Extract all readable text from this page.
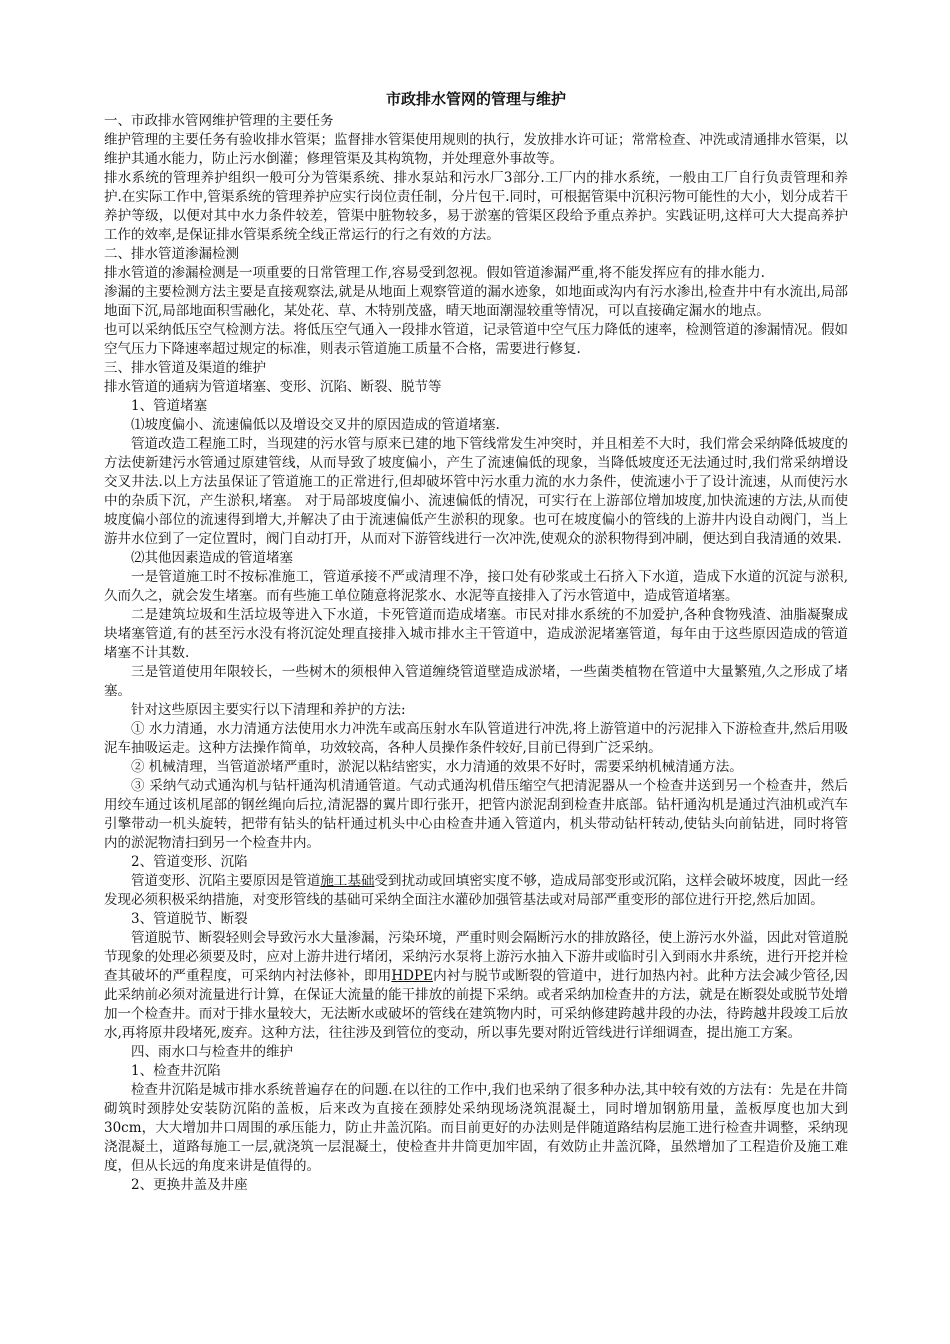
市政排水管网的管理与维护

一、市政排水管网维护管理的主要任务

维护管理的主要任务有验收排水管渠；监督排水管渠使用规则的执行，发放排水许可证；常常检查、冲洗或清通排水管渠，以维护其通水能力，防止污水倒灌；修理管渠及其构筑物，并处理意外事故等。

排水系统的管理养护组织一般可分为管渠系统、排水泵站和污水厂3部分.工厂内的排水系统，一般由工厂自行负责管理和养护.在实际工作中,管渠系统的管理养护应实行岗位责任制，分片包干.同时，可根据管渠中沉积污物可能性的大小，划分成若干养护等级，以便对其中水力条件较差，管渠中脏物较多，易于淤塞的管渠区段给予重点养护。实践证明,这样可大大提高养护工作的效率,是保证排水管渠系统全线正常运行的行之有效的方法。

二、排水管道渗漏检测

排水管道的渗漏检测是一项重要的日常管理工作,容易受到忽视。假如管道渗漏严重,将不能发挥应有的排水能力.

渗漏的主要检测方法主要是直接观察法,就是从地面上观察管道的漏水迹象，如地面或沟内有污水渗出,检查井中有水流出,局部地面下沉,局部地面积雪融化，某处花、草、木特别茂盛，晴天地面潮湿较重等情况，可以直接确定漏水的地点。

也可以采纳低压空气检测方法。将低压空气通入一段排水管道，记录管道中空气压力降低的速率，检测管道的渗漏情况。假如空气压力下降速率超过规定的标准，则表示管道施工质量不合格，需要进行修复.

三、排水管道及渠道的维护

排水管道的通病为管道堵塞、变形、沉陷、断裂、脱节等

1、管道堵塞

⑴坡度偏小、流速偏低以及增设交叉井的原因造成的管道堵塞.

管道改造工程施工时，当现建的污水管与原来已建的地下管线常发生冲突时，并且相差不大时，我们常会采纳降低坡度的方法使新建污水管通过原建管线，从而导致了坡度偏小，产生了流速偏低的现象，当降低坡度还无法通过时,我们常采纳增设交叉井法.以上方法虽保证了管道施工的正常进行,但却破坏管中污水重力流的水力条件，使流速小于了设计流速，从而使污水中的杂质下沉，产生淤积,堵塞。 对于局部坡度偏小、流速偏低的情况，可实行在上游部位增加坡度,加快流速的方法,从而使坡度偏小部位的流速得到增大,并解决了由于流速偏低产生淤积的现象。也可在坡度偏小的管线的上游井内设自动阀门，当上游井水位到了一定位置时，阀门自动打开，从而对下游管线进行一次冲洗,使观众的淤积物得到冲刷，便达到自我清通的效果.

⑵其他因素造成的管道堵塞

一是管道施工时不按标准施工，管道承接不严或清理不净，接口处有砂浆或土石挤入下水道，造成下水道的沉淀与淤积,久而久之，就会发生堵塞。而有些施工单位随意将泥浆水、水泥等直接排入了污水管道中，造成管道堵塞。

二是建筑垃圾和生活垃圾等进入下水道，卡死管道而造成堵塞。市民对排水系统的不加爱护,各种食物残渣、油脂凝聚成块堵塞管道,有的甚至污水没有将沉淀处理直接排入城市排水主干管道中，造成淤泥堵塞管道，每年由于这些原因造成的管道堵塞不计其数.

三是管道使用年限较长，一些树木的须根伸入管道缠绕管道壁造成淤堵，一些菌类植物在管道中大量繁殖,久之形成了堵塞。

针对这些原因主要实行以下清理和养护的方法:

① 水力清通，水力清通方法使用水力冲洗车或高压射水车队管道进行冲洗,将上游管道中的污泥排入下游检查井,然后用吸泥车抽吸运走。这种方法操作简单，功效较高，各种人员操作条件较好,目前已得到广泛采纳。

② 机械清理，当管道淤堵严重时，淤泥以粘结密实，水力清通的效果不好时，需要采纳机械清通方法。

③ 采纳气动式通沟机与钻杆通沟机清通管道。气动式通沟机借压缩空气把清泥器从一个检查井送到另一个检查井，然后用绞车通过该机尾部的钢丝绳向后拉,清泥器的翼片即行张开，把管内淤泥刮到检查井底部。钻杆通沟机是通过汽油机或汽车引擎带动一机头旋转，把带有钻头的钻杆通过机头中心由检查井通入管道内，机头带动钻杆转动,使钻头向前钻进，同时将管内的淤泥物清扫到另一个检查井内。

2、管道变形、沉陷

管道变形、沉陷主要原因是管道施工基础受到扰动或回填密实度不够，造成局部变形或沉陷，这样会破坏坡度，因此一经发现必须积极采纳措施，对变形管线的基础可采纳全面注水灌砂加强管基法或对局部严重变形的部位进行开挖,然后加固。

3、管道脱节、断裂

管道脱节、断裂轻则会导致污水大量渗漏，污染环境，严重时则会隔断污水的排放路径，使上游污水外溢，因此对管道脱节现象的处理必须要及时，应对上游井进行堵闭，采纳污水泵将上游污水抽入下游井或临时引入到雨水井系统，进行开挖并检查其破坏的严重程度，可采纳内衬法修补，即用HDPE内衬与脱节或断裂的管道中，进行加热内衬。此种方法会减少管径,因此采纳前必须对流量进行计算，在保证大流量的能干排放的前提下采纳。或者采纳加检查井的方法，就是在断裂处或脱节处增加一个检查井。而对于排水量较大，无法断水或破坏的管线在建筑物内时，可采纳修建跨越井段的办法，待跨越井段竣工后放水,再将原井段堵死,废弃。这种方法，往往涉及到管位的变动，所以事先要对附近管线进行详细调查，提出施工方案。

四、雨水口与检查井的维护

1、检查井沉陷

检查井沉陷是城市排水系统普遍存在的问题.在以往的工作中,我们也采纳了很多种办法,其中较有效的方法有：先是在井筒砌筑时颈脖处安装防沉陷的盖板，后来改为直接在颈脖处采纳现场浇筑混凝土，同时增加钢筋用量，盖板厚度也加大到30cm，大大增加井口周围的承压能力，防止井盖沉陷。而目前更好的办法则是伴随道路结构层施工进行检查井调整，采纳现浇混凝土，道路每施工一层,就浇筑一层混凝土，使检查井井筒更加牢固，有效防止井盖沉降，虽然增加了工程造价及施工难度，但从长远的角度来讲是值得的。

2、更换井盖及井座
